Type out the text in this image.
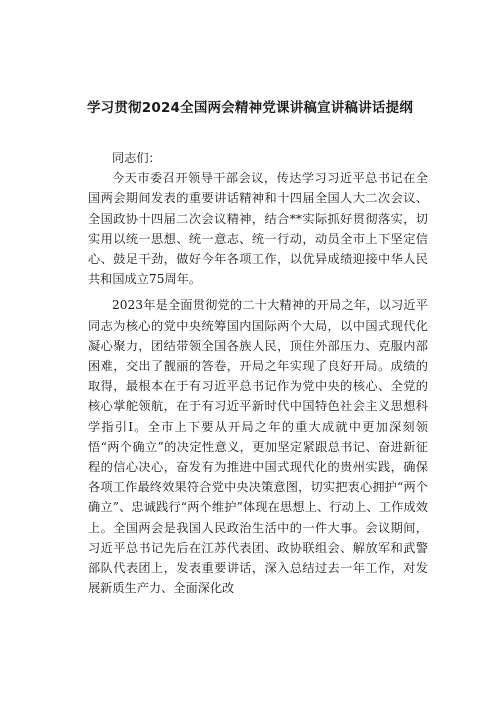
学习贯彻2024全国两会精神党课讲稿宣讲稿讲话提纲

同志们：

今天市委召开领导干部会议，传达学习习近平总书记在全国两会期间发表的重要讲话精神和十四届全国人大二次会议、全国政协十四届二次会议精神，结合**实际抓好贯彻落实，切实用以统一思想、统一意志、统一行动，动员全市上下坚定信心、鼓足干劲，做好今年各项工作，以优异成绩迎接中华人民共和国成立75周年。

2023年是全面贯彻党的二十大精神的开局之年，以习近平同志为核心的党中央统筹国内国际两个大局，以中国式现代化凝心聚力，团结带领全国各族人民，顶住外部压力、克服内部困难，交出了靓丽的答卷，开局之年实现了良好开局。成绩的取得，最根本在于有习近平总书记作为党中央的核心、全党的核心掌舵领航，在于有习近平新时代中国特色社会主义思想科学指引I。全市上下要从开局之年的重大成就中更加深刻领悟“两个确立”的决定性意义，更加坚定紧跟总书记、奋进新征程的信心决心，奋发有为推进中国式现代化的贵州实践，确保各项工作最终效果符合党中央决策意图，切实把衷心拥护“两个确立”、忠诚践行“两个维护”体现在思想上、行动上、工作成效上。全国两会是我国人民政治生活中的一件大事。会议期间，习近平总书记先后在江苏代表团、政协联组会、解放军和武警部队代表团上，发表重要讲话，深入总结过去一年工作，对发展新质生产力、全面深化改
